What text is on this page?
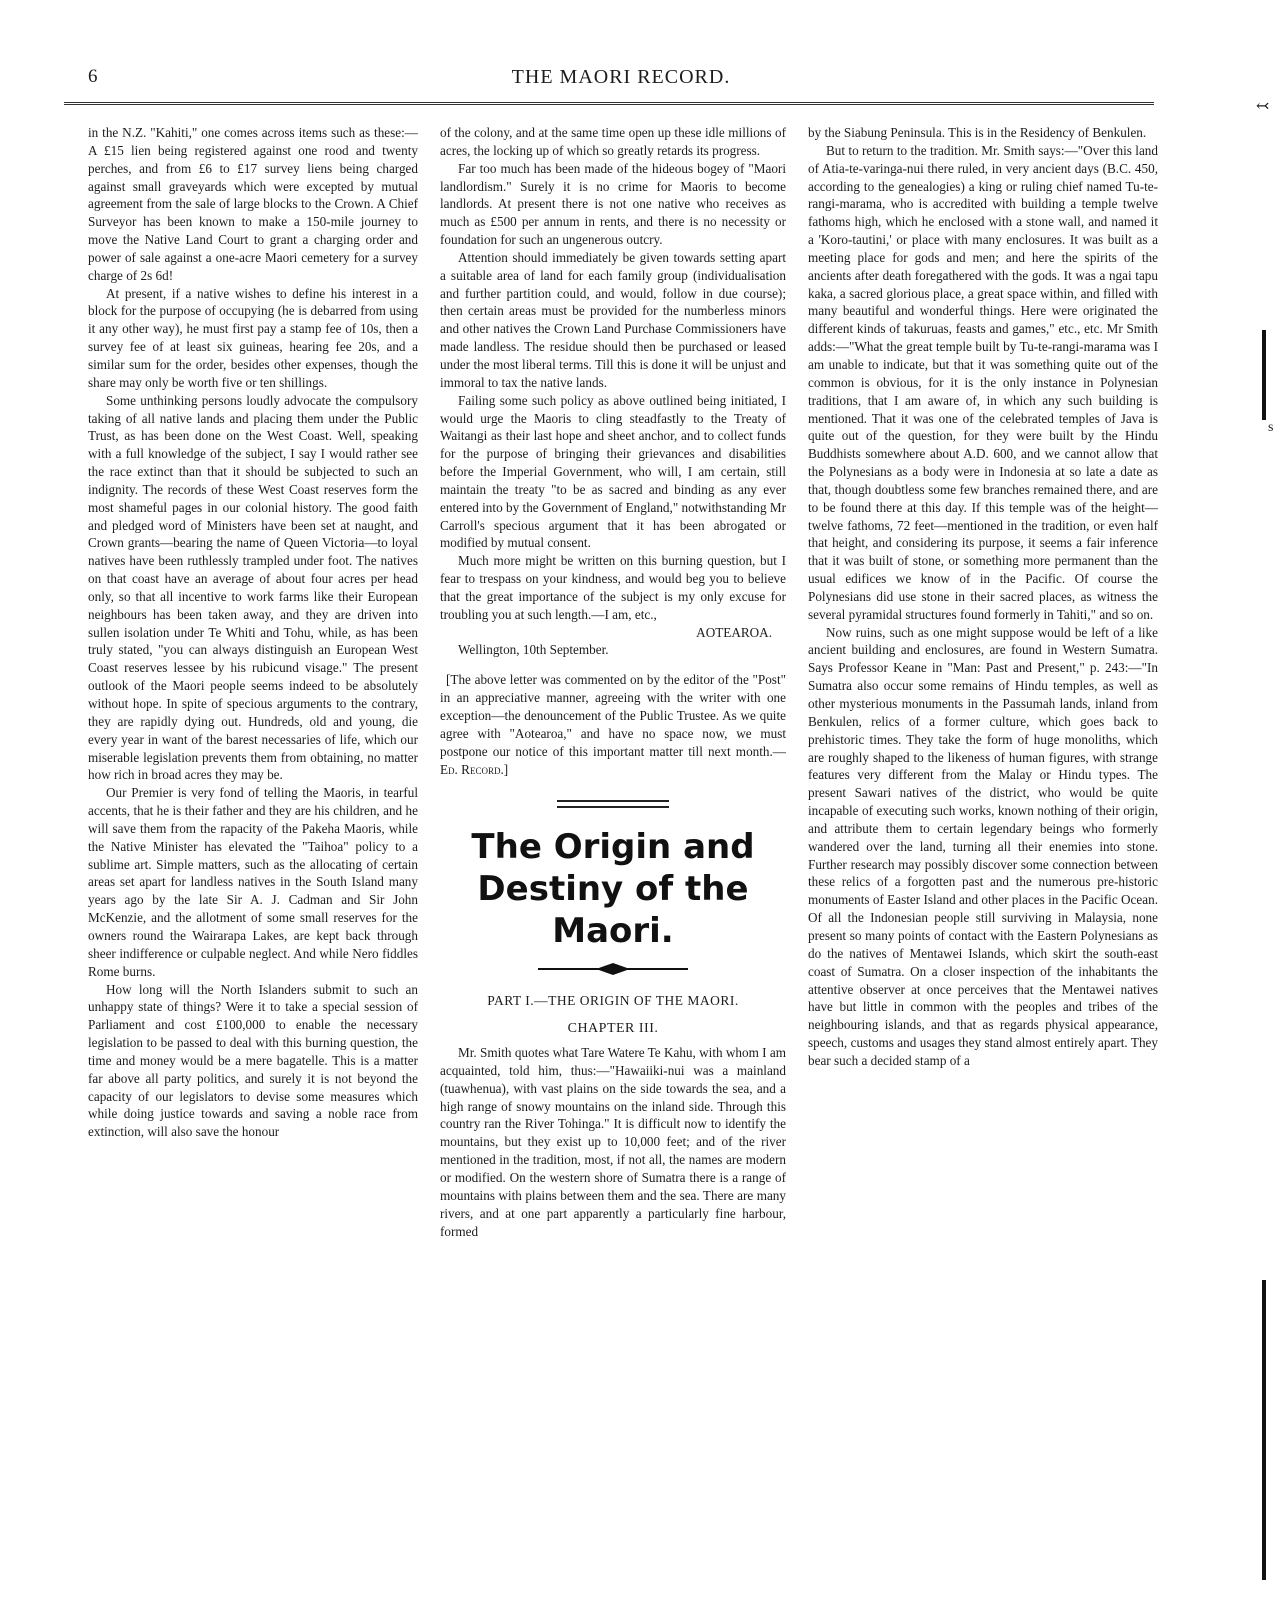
6	THE MAORI RECORD.

in the N.Z. "Kahiti," one comes across items such as these:—A £15 lien being registered against one rood and twenty perches, and from £6 to £17 survey liens being charged against small graveyards which were excepted by mutual agreement from the sale of large blocks to the Crown. A Chief Surveyor has been known to make a 150-mile journey to move the Native Land Court to grant a charging order and power of sale against a one-acre Maori cemetery for a survey charge of 2s 6d!

At present, if a native wishes to define his interest in a block for the purpose of occupying (he is debarred from using it any other way), he must first pay a stamp fee of 10s, then a survey fee of at least six guineas, hearing fee 20s, and a similar sum for the order, besides other expenses, though the share may only be worth five or ten shillings.

Some unthinking persons loudly advocate the compulsory taking of all native lands and placing them under the Public Trust, as has been done on the West Coast. Well, speaking with a full knowledge of the subject, I say I would rather see the race extinct than that it should be subjected to such an indignity. The records of these West Coast reserves form the most shameful pages in our colonial history. The good faith and pledged word of Ministers have been set at naught, and Crown grants—bearing the name of Queen Victoria—to loyal natives have been ruthlessly trampled under foot. The natives on that coast have an average of about four acres per head only, so that all incentive to work farms like their European neighbours has been taken away, and they are driven into sullen isolation under Te Whiti and Tohu, while, as has been truly stated, "you can always distinguish an European West Coast reserves lessee by his rubicund visage." The present outlook of the Maori people seems indeed to be absolutely without hope. In spite of specious arguments to the contrary, they are rapidly dying out. Hundreds, old and young, die every year in want of the barest necessaries of life, which our miserable legislation prevents them from obtaining, no matter how rich in broad acres they may be.

Our Premier is very fond of telling the Maoris, in tearful accents, that he is their father and they are his children, and he will save them from the rapacity of the Pakeha Maoris, while the Native Minister has elevated the "Taihoa" policy to a sublime art. Simple matters, such as the allocating of certain areas set apart for landless natives in the South Island many years ago by the late Sir A. J. Cadman and Sir John McKenzie, and the allotment of some small reserves for the owners round the Wairarapa Lakes, are kept back through sheer indifference or culpable neglect. And while Nero fiddles Rome burns.

How long will the North Islanders submit to such an unhappy state of things? Were it to take a special session of Parliament and cost £100,000 to enable the necessary legislation to be passed to deal with this burning question, the time and money would be a mere bagatelle. This is a matter far above all party politics, and surely it is not beyond the capacity of our legislators to devise some measures which while doing justice towards and saving a noble race from extinction, will also save the honour

of the colony, and at the same time open up these idle millions of acres, the locking up of which so greatly retards its progress.

Far too much has been made of the hideous bogey of "Maori landlordism." Surely it is no crime for Maoris to become landlords. At present there is not one native who receives as much as £500 per annum in rents, and there is no necessity or foundation for such an ungenerous outcry.

Attention should immediately be given towards setting apart a suitable area of land for each family group (individualisation and further partition could, and would, follow in due course); then certain areas must be provided for the numberless minors and other natives the Crown Land Purchase Commissioners have made landless. The residue should then be purchased or leased under the most liberal terms. Till this is done it will be unjust and immoral to tax the native lands.

Failing some such policy as above outlined being initiated, I would urge the Maoris to cling steadfastly to the Treaty of Waitangi as their last hope and sheet anchor, and to collect funds for the purpose of bringing their grievances and disabilities before the Imperial Government, who will, I am certain, still maintain the treaty "to be as sacred and binding as any ever entered into by the Government of England," notwithstanding Mr Carroll's specious argument that it has been abrogated or modified by mutual consent.

Much more might be written on this burning question, but I fear to trespass on your kindness, and would beg you to believe that the great importance of the subject is my only excuse for troubling you at such length.—I am, etc.,

AOTEAROA.

Wellington, 10th September.

[The above letter was commented on by the editor of the "Post" in an appreciative manner, agreeing with the writer with one exception—the denouncement of the Public Trustee. As we quite agree with "Aotearoa," and have no space now, we must postpone our notice of this important matter till next month.—Ed. Record.]

The Origin and
Destiny of the Maori.

PART I.—THE ORIGIN OF THE MAORI.

CHAPTER III.

Mr. Smith quotes what Tare Watere Te Kahu, with whom I am acquainted, told him, thus:—"Hawaiiki-nui was a mainland (tuawhenua), with vast plains on the side towards the sea, and a high range of snowy mountains on the inland side. Through this country ran the River Tohinga." It is difficult now to identify the mountains, but they exist up to 10,000 feet; and of the river mentioned in the tradition, most, if not all, the names are modern or modified. On the western shore of Sumatra there is a range of mountains with plains between them and the sea. There are many rivers, and at one part apparently a particularly fine harbour, formed

by the Siabung Peninsula. This is in the Residency of Benkulen.

But to return to the tradition. Mr. Smith says:—"Over this land of Atia-te-varinga-nui there ruled, in very ancient days (B.C. 450, according to the genealogies) a king or ruling chief named Tu-te-rangi-marama, who is accredited with building a temple twelve fathoms high, which he enclosed with a stone wall, and named it a 'Koro-tautini,' or place with many enclosures. It was built as a meeting place for gods and men; and here the spirits of the ancients after death foregathered with the gods. It was a ngai tapu kaka, a sacred glorious place, a great space within, and filled with many beautiful and wonderful things. Here were originated the different kinds of takuruas, feasts and games," etc., etc. Mr Smith adds:—"What the great temple built by Tu-te-rangi-marama was I am unable to indicate, but that it was something quite out of the common is obvious, for it is the only instance in Polynesian traditions, that I am aware of, in which any such building is mentioned. That it was one of the celebrated temples of Java is quite out of the question, for they were built by the Hindu Buddhists somewhere about A.D. 600, and we cannot allow that the Polynesians as a body were in Indonesia at so late a date as that, though doubtless some few branches remained there, and are to be found there at this day. If this temple was of the height—twelve fathoms, 72 feet—mentioned in the tradition, or even half that height, and considering its purpose, it seems a fair inference that it was built of stone, or something more permanent than the usual edifices we know of in the Pacific. Of course the Polynesians did use stone in their sacred places, as witness the several pyramidal structures found formerly in Tahiti," and so on.

Now ruins, such as one might suppose would be left of a like ancient building and enclosures, are found in Western Sumatra. Says Professor Keane in "Man: Past and Present," p. 243:—"In Sumatra also occur some remains of Hindu temples, as well as other mysterious monuments in the Passumah lands, inland from Benkulen, relics of a former culture, which goes back to prehistoric times. They take the form of huge monoliths, which are roughly shaped to the likeness of human figures, with strange features very different from the Malay or Hindu types. The present Sawari natives of the district, who would be quite incapable of executing such works, known nothing of their origin, and attribute them to certain legendary beings who formerly wandered over the land, turning all their enemies into stone. Further research may possibly discover some connection between these relics of a forgotten past and the numerous pre-historic monuments of Easter Island and other places in the Pacific Ocean. Of all the Indonesian people still surviving in Malaysia, none present so many points of contact with the Eastern Polynesians as do the natives of Mentawei Islands, which skirt the south-east coast of Sumatra. On a closer inspection of the inhabitants the attentive observer at once perceives that the Mentawei natives have but little in common with the peoples and tribes of the neighbouring islands, and that as regards physical appearance, speech, customs and usages they stand almost entirely apart. They bear such a decided stamp of a

↢
s
